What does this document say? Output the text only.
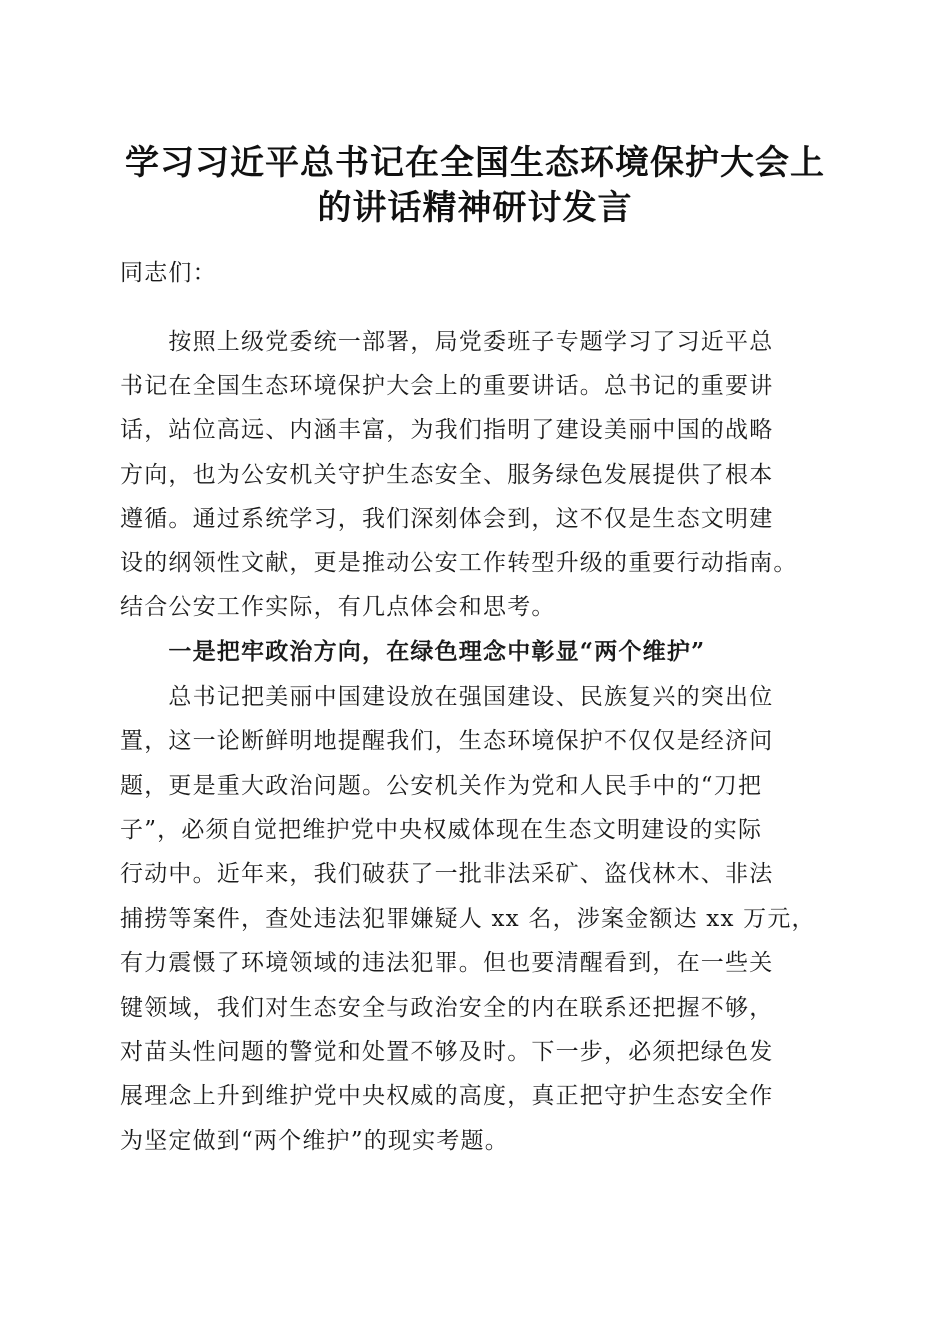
学习习近平总书记在全国生态环境保护大会上
的讲话精神研讨发言

同志们：

　　按照上级党委统一部署，局党委班子专题学习了习近平总

书记在全国生态环境保护大会上的重要讲话。总书记的重要讲

话，站位高远、内涵丰富，为我们指明了建设美丽中国的战略

方向，也为公安机关守护生态安全、服务绿色发展提供了根本

遵循。通过系统学习，我们深刻体会到，这不仅是生态文明建

设的纲领性文献，更是推动公安工作转型升级的重要行动指南。

结合公安工作实际，有几点体会和思考。

　　一是把牢政治方向，在绿色理念中彰显“两个维护”

　　总书记把美丽中国建设放在强国建设、民族复兴的突出位

置，这一论断鲜明地提醒我们，生态环境保护不仅仅是经济问

题，更是重大政治问题。公安机关作为党和人民手中的“刀把

子”，必须自觉把维护党中央权威体现在生态文明建设的实际

行动中。近年来，我们破获了一批非法采矿、盗伐林木、非法

捕捞等案件，查处违法犯罪嫌疑人 xx 名，涉案金额达 xx 万元，

有力震慑了环境领域的违法犯罪。但也要清醒看到，在一些关

键领域，我们对生态安全与政治安全的内在联系还把握不够，

对苗头性问题的警觉和处置不够及时。下一步，必须把绿色发

展理念上升到维护党中央权威的高度，真正把守护生态安全作

为坚定做到“两个维护”的现实考题。
